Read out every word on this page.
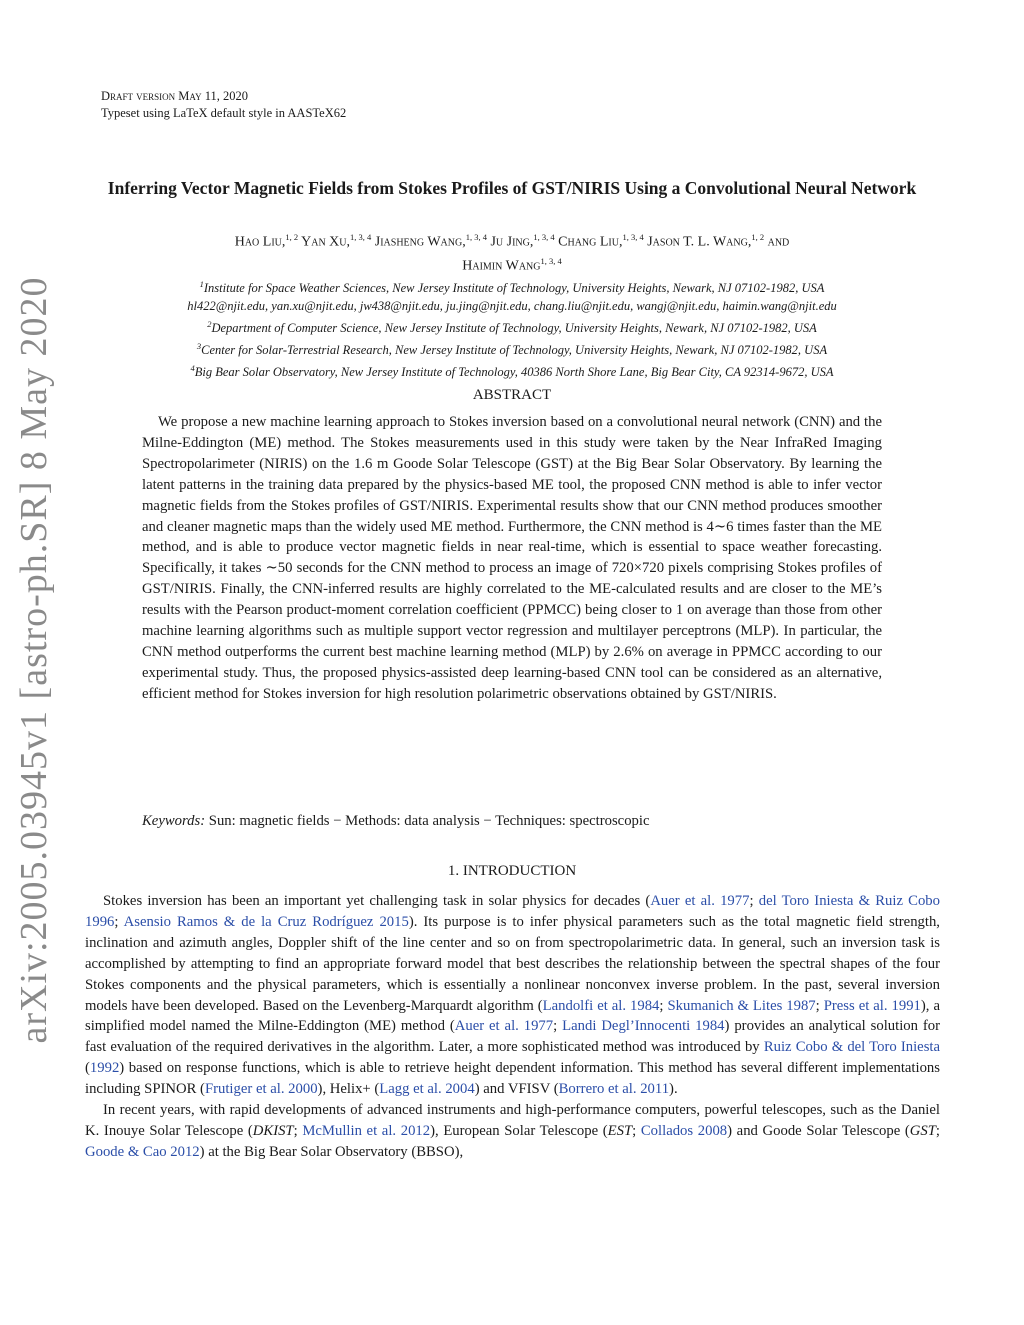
arXiv:2005.03945v1 [astro-ph.SR] 8 May 2020
Draft version May 11, 2020
Typeset using LaTeX default style in AASTeX62
Inferring Vector Magnetic Fields from Stokes Profiles of GST/NIRIS Using a Convolutional Neural Network
Hao Liu,$^{1, 2}$ Yan Xu,$^{1, 3, 4}$ Jiasheng Wang,$^{1, 3, 4}$ Ju Jing,$^{1, 3, 4}$ Chang Liu,$^{1, 3, 4}$ Jason T. L. Wang,$^{1, 2}$ and
Haimin Wang$^{1, 3, 4}$
$^1$Institute for Space Weather Sciences, New Jersey Institute of Technology, University Heights, Newark, NJ 07102-1982, USA
hl422@njit.edu, yan.xu@njit.edu, jw438@njit.edu, ju.jing@njit.edu, chang.liu@njit.edu, wangj@njit.edu, haimin.wang@njit.edu
$^2$Department of Computer Science, New Jersey Institute of Technology, University Heights, Newark, NJ 07102-1982, USA
$^3$Center for Solar-Terrestrial Research, New Jersey Institute of Technology, University Heights, Newark, NJ 07102-1982, USA
$^4$Big Bear Solar Observatory, New Jersey Institute of Technology, 40386 North Shore Lane, Big Bear City, CA 92314-9672, USA
ABSTRACT

We propose a new machine learning approach to Stokes inversion based on a convolutional neural network (CNN) and the Milne-Eddington (ME) method. The Stokes measurements used in this study were taken by the Near InfraRed Imaging Spectropolarimeter (NIRIS) on the 1.6 m Goode Solar Telescope (GST) at the Big Bear Solar Observatory. By learning the latent patterns in the training data prepared by the physics-based ME tool, the proposed CNN method is able to infer vector magnetic fields from the Stokes profiles of GST/NIRIS. Experimental results show that our CNN method produces smoother and cleaner magnetic maps than the widely used ME method. Furthermore, the CNN method is 4∼6 times faster than the ME method, and is able to produce vector magnetic fields in near real-time, which is essential to space weather forecasting. Specifically, it takes ∼50 seconds for the CNN method to process an image of 720×720 pixels comprising Stokes profiles of GST/NIRIS. Finally, the CNN-inferred results are highly correlated to the ME-calculated results and are closer to the ME’s results with the Pearson product-moment correlation coefficient (PPMCC) being closer to 1 on average than those from other machine learning algorithms such as multiple support vector regression and multilayer perceptrons (MLP). In particular, the CNN method outperforms the current best machine learning method (MLP) by 2.6% on average in PPMCC according to our experimental study. Thus, the proposed physics-assisted deep learning-based CNN tool can be considered as an alternative, efficient method for Stokes inversion for high resolution polarimetric observations obtained by GST/NIRIS.

Keywords: Sun: magnetic fields − Methods: data analysis − Techniques: spectroscopic
1. INTRODUCTION

Stokes inversion has been an important yet challenging task in solar physics for decades (Auer et al. 1977; del Toro Iniesta & Ruiz Cobo 1996; Asensio Ramos & de la Cruz Rodríguez 2015). Its purpose is to infer physical parameters such as the total magnetic field strength, inclination and azimuth angles, Doppler shift of the line center and so on from spectropolarimetric data. In general, such an inversion task is accomplished by attempting to find an appropriate forward model that best describes the relationship between the spectral shapes of the four Stokes components and the physical parameters, which is essentially a nonlinear nonconvex inverse problem. In the past, several inversion models have been developed. Based on the Levenberg-Marquardt algorithm (Landolfi et al. 1984; Skumanich & Lites 1987; Press et al. 1991), a simplified model named the Milne-Eddington (ME) method (Auer et al. 1977; Landi Degl’Innocenti 1984) provides an analytical solution for fast evaluation of the required derivatives in the algorithm. Later, a more sophisticated method was introduced by Ruiz Cobo & del Toro Iniesta (1992) based on response functions, which is able to retrieve height dependent information. This method has several different implementations including SPINOR (Frutiger et al. 2000), Helix+ (Lagg et al. 2004) and VFISV (Borrero et al. 2011).

In recent years, with rapid developments of advanced instruments and high-performance computers, powerful telescopes, such as the Daniel K. Inouye Solar Telescope (DKIST; McMullin et al. 2012), European Solar Telescope (EST; Collados 2008) and Goode Solar Telescope (GST; Goode & Cao 2012) at the Big Bear Solar Observatory (BBSO),
